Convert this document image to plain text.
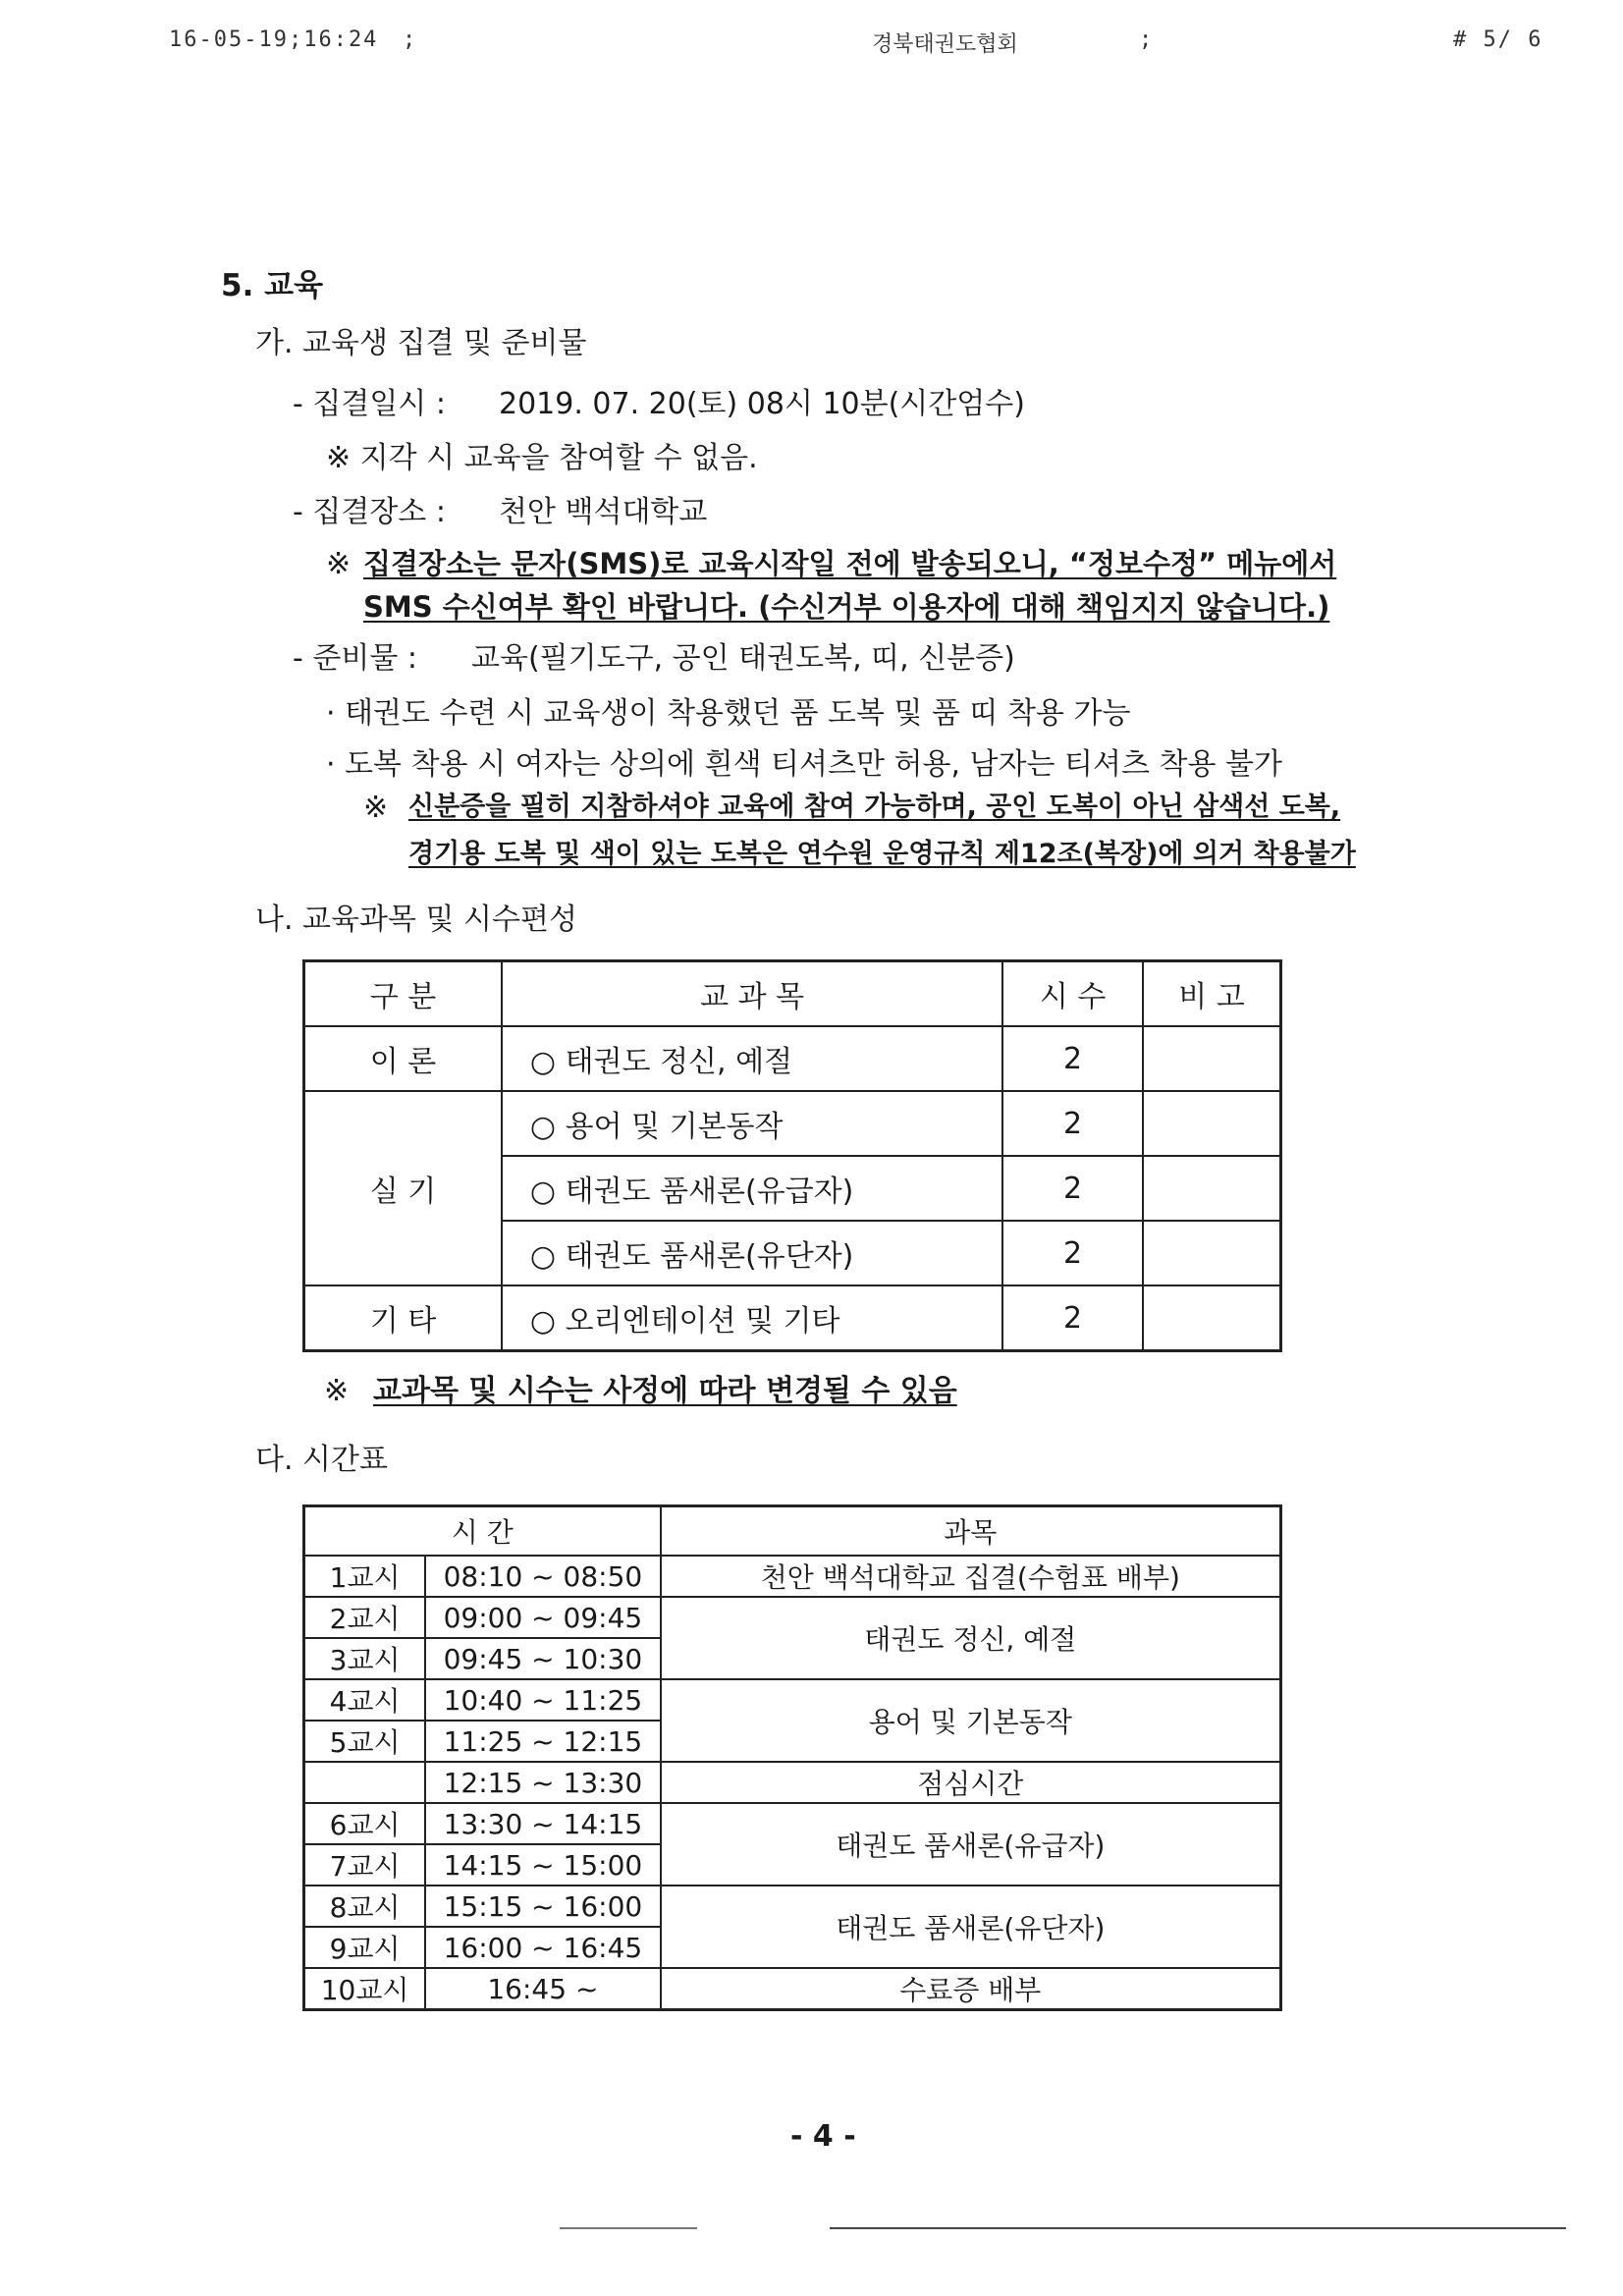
16-05-19;16:24 ;	경북태권도협회	;	# 5/ 6
5. 교육
가. 교육생 집결 및 준비물
- 집결일시 : 2019. 07. 20(토) 08시 10분(시간엄수)
※ 지각 시 교육을 참여할 수 없음.
- 집결장소 : 천안 백석대학교
※ 집결장소는 문자(SMS)로 교육시작일 전에 발송되오니, “정보수정” 메뉴에서
SMS 수신여부 확인 바랍니다. (수신거부 이용자에 대해 책임지지 않습니다.)
- 준비물 : 교육(필기도구, 공인 태권도복, 띠, 신분증)
· 태권도 수련 시 교육생이 착용했던 품 도복 및 품 띠 착용 가능
· 도복 착용 시 여자는 상의에 흰색 티셔츠만 허용, 남자는 티셔츠 착용 불가
※ 신분증을 필히 지참하셔야 교육에 참여 가능하며, 공인 도복이 아닌 삼색선 도복,
경기용 도복 및 색이 있는 도복은 연수원 운영규칙 제12조(복장)에 의거 착용불가
나. 교육과목 및 시수편성
구 분	교 과 목	시 수	비 고
이 론	○ 태권도 정신, 예절	2	
실 기	○ 용어 및 기본동작	2	
	○ 태권도 품새론(유급자)	2	
	○ 태권도 품새론(유단자)	2	
기 타	○ 오리엔테이션 및 기타	2	
※ 교과목 및 시수는 사정에 따라 변경될 수 있음
다. 시간표
시 간		과목
1교시	08:10 ~ 08:50	천안 백석대학교 집결(수험표 배부)
2교시	09:00 ~ 09:45	태권도 정신, 예절
3교시	09:45 ~ 10:30	
4교시	10:40 ~ 11:25	용어 및 기본동작
5교시	11:25 ~ 12:15	
	12:15 ~ 13:30	점심시간
6교시	13:30 ~ 14:15	태권도 품새론(유급자)
7교시	14:15 ~ 15:00	
8교시	15:15 ~ 16:00	태권도 품새론(유단자)
9교시	16:00 ~ 16:45	
10교시	16:45 ~	수료증 배부
- 4 -
